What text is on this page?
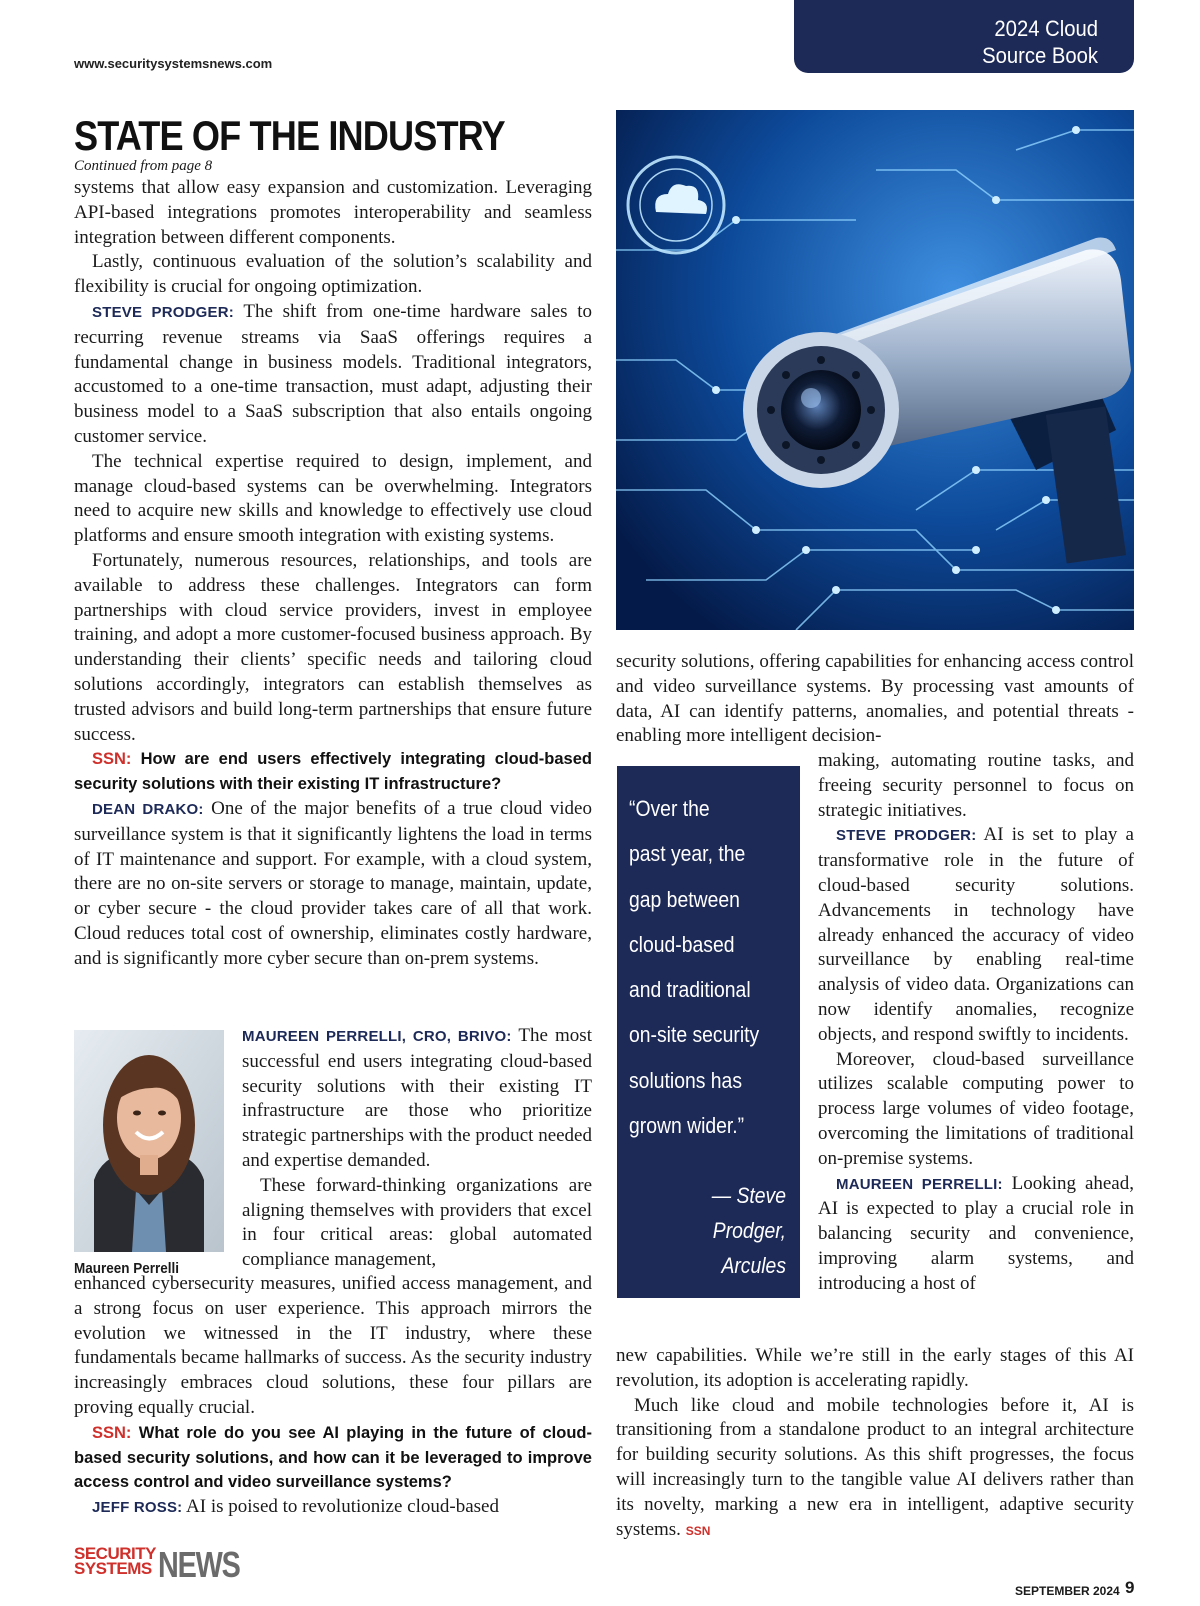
www.securitysystemsnews.com
2024 Cloud
Source Book
STATE OF THE INDUSTRY
Continued from page 8

systems that allow easy expansion and customization. Leveraging API-based integrations promotes interoperability and seamless integration between different components.

Lastly, continuous evaluation of the solution’s scalability and flexibility is crucial for ongoing optimization.

STEVE PRODGER: The shift from one-time hardware sales to recurring revenue streams via SaaS offerings requires a fundamental change in business models. Traditional integrators, accustomed to a one-time transaction, must adapt, adjusting their business model to a SaaS subscription that also entails ongoing customer service.

The technical expertise required to design, implement, and manage cloud-based systems can be overwhelming. Integrators need to acquire new skills and knowledge to effectively use cloud platforms and ensure smooth integration with existing systems.

Fortunately, numerous resources, relationships, and tools are available to address these challenges. Integrators can form partnerships with cloud service providers, invest in employee training, and adopt a more customer-focused business approach. By understanding their clients’ specific needs and tailoring cloud solutions accordingly, integrators can establish themselves as trusted advisors and build long-term partnerships that ensure future success.

SSN: How are end users effectively integrating cloud-based security solutions with their existing IT infrastructure?

DEAN DRAKO: One of the major benefits of a true cloud video surveillance system is that it significantly lightens the load in terms of IT maintenance and support. For example, with a cloud system, there are no on-site servers or storage to manage, maintain, update, or cyber secure - the cloud provider takes care of all that work. Cloud reduces total cost of ownership, eliminates costly hardware, and is significantly more cyber secure than on-prem systems.

Maureen Perrelli

MAUREEN PERRELLI, CRO, BRIVO: The most successful end users integrating cloud-based security solutions with their existing IT infrastructure are those who prioritize strategic partnerships with the product needed and expertise demanded.

These forward-thinking organizations are aligning themselves with providers that excel in four critical areas: global automated compliance management,

enhanced cybersecurity measures, unified access management, and a strong focus on user experience. This approach mirrors the evolution we witnessed in the IT industry, where these fundamentals became hallmarks of success. As the security industry increasingly embraces cloud solutions, these four pillars are proving equally crucial.

SSN: What role do you see AI playing in the future of cloud-based security solutions, and how can it be leveraged to improve access control and video surveillance systems?

JEFF ROSS: AI is poised to revolutionize cloud-based

security solutions, offering capabilities for enhancing access control and video surveillance systems. By processing vast amounts of data, AI can identify patterns, anomalies, and potential threats - enabling more intelligent decision-

“Over the
past year, the
gap between
cloud-based
and traditional
on-site security
solutions has
grown wider.”
— Steve Prodger,
Arcules

making, automating routine tasks, and freeing security personnel to focus on strategic initiatives.

STEVE PRODGER: AI is set to play a transformative role in the future of cloud-based security solutions. Advancements in technology have already enhanced the accuracy of video surveillance by enabling real-time analysis of video data. Organizations can now identify anomalies, recognize objects, and respond swiftly to incidents.

Moreover, cloud-based surveillance utilizes scalable computing power to process large volumes of video footage, overcoming the limitations of traditional on-premise systems.

MAUREEN PERRELLI: Looking ahead, AI is expected to play a crucial role in balancing security and convenience, improving alarm systems, and introducing a host of

new capabilities. While we’re still in the early stages of this AI revolution, its adoption is accelerating rapidly.

Much like cloud and mobile technologies before it, AI is transitioning from a standalone product to an integral architecture for building security solutions. As this shift progresses, the focus will increasingly turn to the tangible value AI delivers rather than its novelty, marking a new era in intelligent, adaptive security systems. SSN

SECURITY
SYSTEMS NEWS
SEPTEMBER 2024 9
